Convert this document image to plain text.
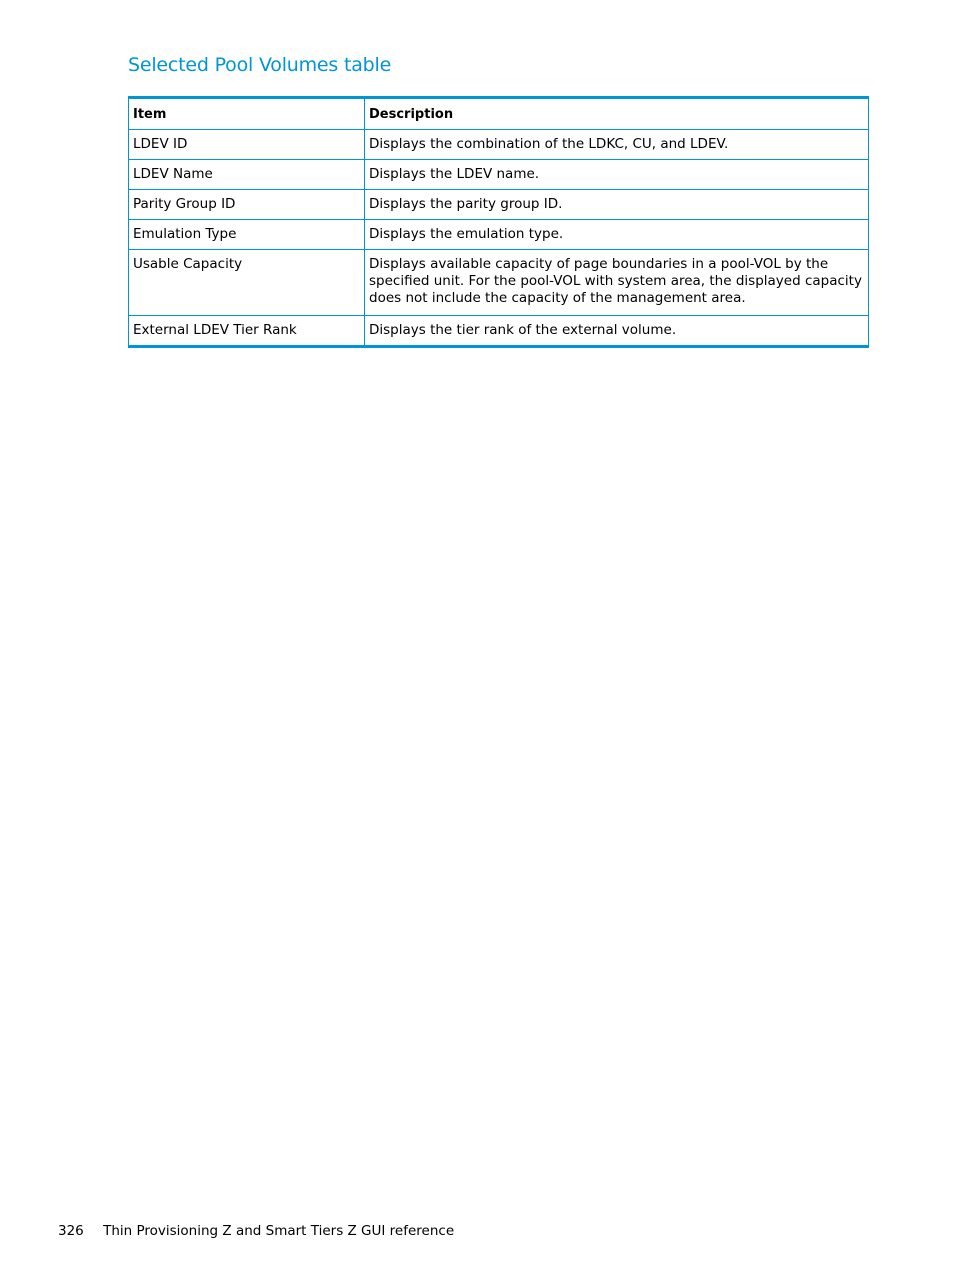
Selected Pool Volumes table
Item	Description
LDEV ID	Displays the combination of the LDKC, CU, and LDEV.
LDEV Name	Displays the LDEV name.
Parity Group ID	Displays the parity group ID.
Emulation Type	Displays the emulation type.
Usable Capacity	Displays available capacity of page boundaries in a pool-VOL by the specified unit. For the pool-VOL with system area, the displayed capacity does not include the capacity of the management area.
External LDEV Tier Rank	Displays the tier rank of the external volume.
326 Thin Provisioning Z and Smart Tiers Z GUI reference
